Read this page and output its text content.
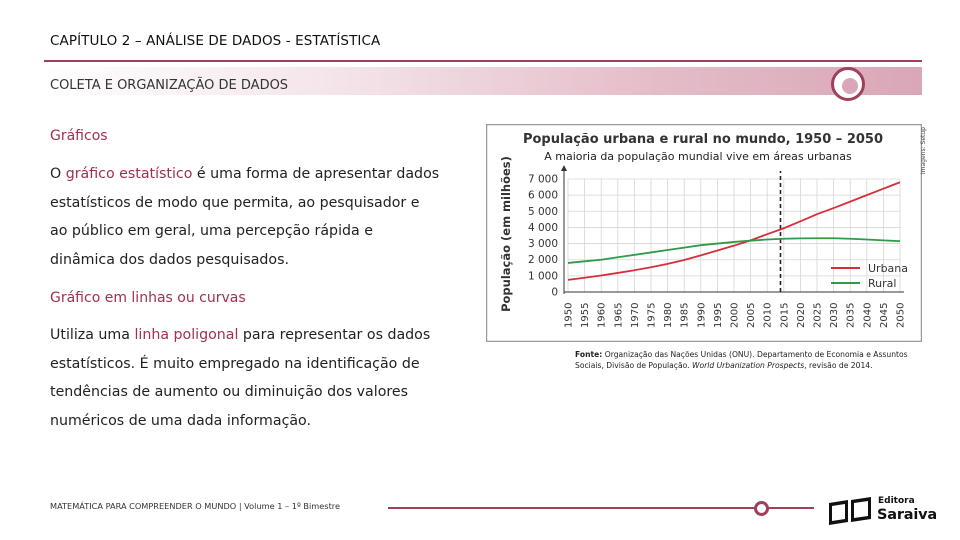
CAPÍTULO 2 – ANÁLISE DE DADOS - ESTATÍSTICA
COLETA E ORGANIZAÇÃO DE DADOS
Gráficos

O gráfico estatístico é uma forma de apresentar dados estatísticos de modo que permita, ao pesquisador e ao público em geral, uma percepção rápida e dinâmica dos dados pesquisados.

Gráfico em linhas ou curvas

Utiliza uma linha poligonal para representar os dados estatísticos. É muito empregado na identificação de tendências de aumento ou diminuição dos valores numéricos de uma dada informação.

População urbana e rural no mundo, 1950 – 2050
A maioria da população mundial vive em áreas urbanas
População (em milhões)	0
1 000
2 000
3 000
4 000
5 000
6 000
7 000
1950 1955 1960 1965 1970 1975 1980 1985 1990 1995 2000 2005 2010 2015 2020 2025 2030 2035 2040 2045 2050
Urbana
Rural
Imagens: Setup
Fonte: Organização das Nações Unidas (ONU). Departamento de Economia e Assuntos Sociais, Divisão de População. World Urbanization Prospects, revisão de 2014.
MATEMÁTICA PARA COMPREENDER O MUNDO | Volume 1 – 1º Bimestre	Editora
Saraiva
